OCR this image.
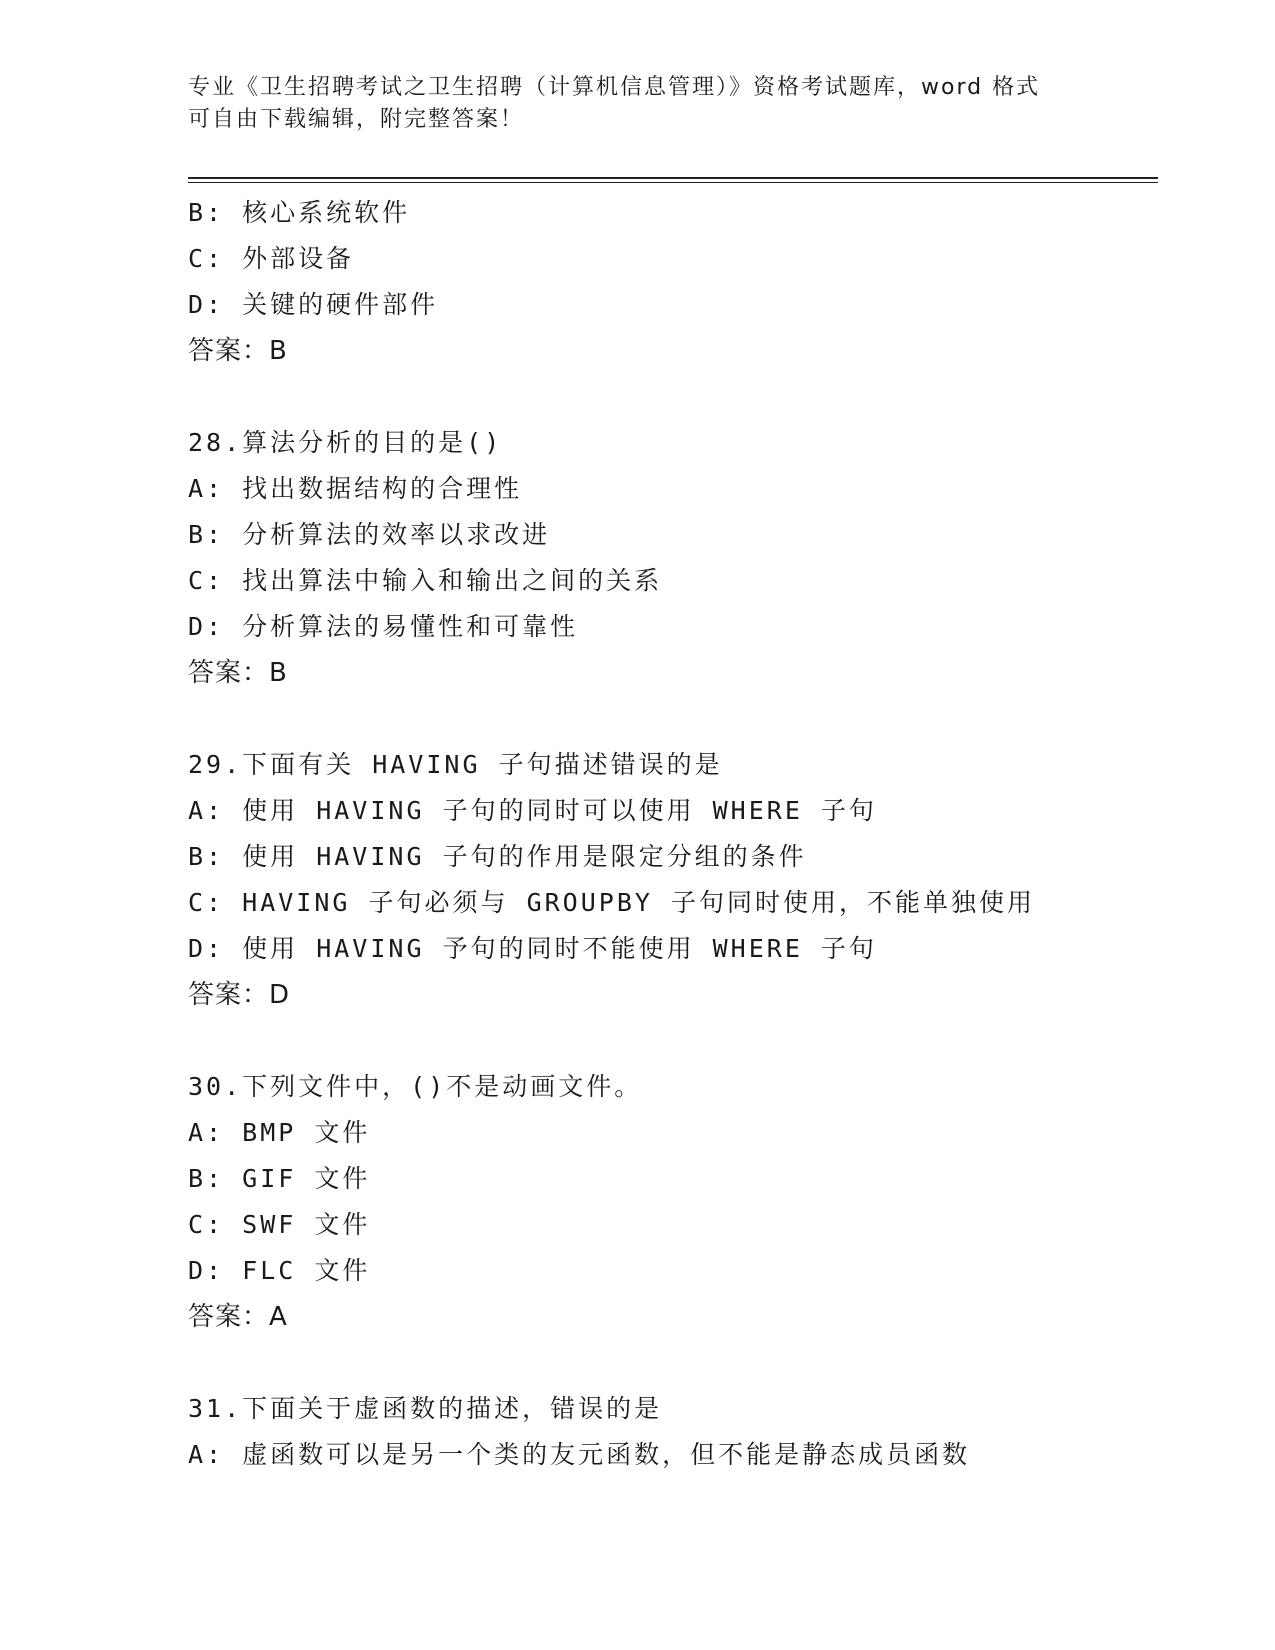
专业《卫生招聘考试之卫生招聘（计算机信息管理）》资格考试题库，word 格式
可自由下载编辑，附完整答案！
B: 核心系统软件
C: 外部设备
D: 关键的硬件部件
答案：B
28.算法分析的目的是()
A: 找出数据结构的合理性
B: 分析算法的效率以求改进
C: 找出算法中输入和输出之间的关系
D: 分析算法的易懂性和可靠性
答案：B
29.下面有关 HAVING 子句描述错误的是
A: 使用 HAVING 子句的同时可以使用 WHERE 子句
B: 使用 HAVING 子句的作用是限定分组的条件
C: HAVING 子句必须与 GROUPBY 子句同时使用，不能单独使用
D: 使用 HAVING 予句的同时不能使用 WHERE 子句
答案：D
30.下列文件中，()不是动画文件。
A: BMP 文件
B: GIF 文件
C: SWF 文件
D: FLC 文件
答案：A
31.下面关于虚函数的描述，错误的是
A: 虚函数可以是另一个类的友元函数，但不能是静态成员函数
